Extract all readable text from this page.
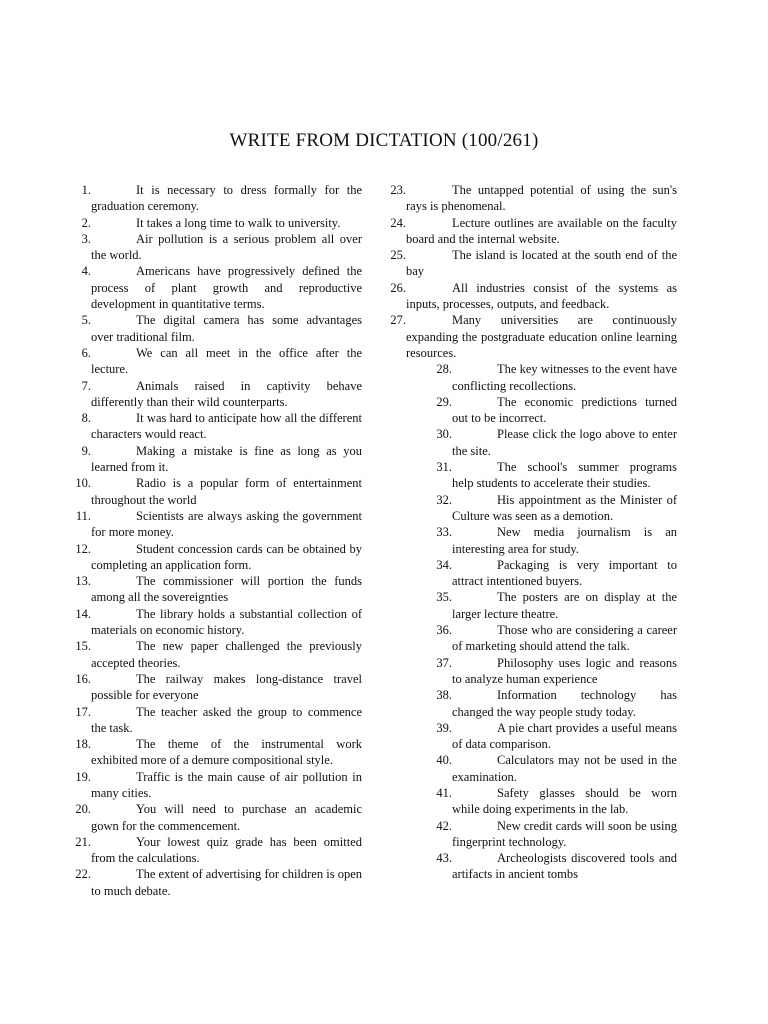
WRITE FROM DICTATION (100/261)
1.	It is necessary to dress formally for the graduation ceremony.
2.	It takes a long time to walk to university.
3.	Air pollution is a serious problem all over the world.
4.	Americans have progressively defined the process of plant growth and reproductive development in quantitative terms.
5.	The digital camera has some advantages over traditional film.
6.	We can all meet in the office after the lecture.
7.	Animals raised in captivity behave differently than their wild counterparts.
8.	It was hard to anticipate how all the different characters would react.
9.	Making a mistake is fine as long as you learned from it.
10.	Radio is a popular form of entertainment throughout the world
11.	Scientists are always asking the government for more money.
12.	Student concession cards can be obtained by completing an application form.
13.	The commissioner will portion the funds among all the sovereignties
14.	The library holds a substantial collection of materials on economic history.
15.	The new paper challenged the previously accepted theories.
16.	The railway makes long-distance travel possible for everyone
17.	The teacher asked the group to commence the task.
18.	The theme of the instrumental work exhibited more of a demure compositional style.
19.	Traffic is the main cause of air pollution in many cities.
20.	You will need to purchase an academic gown for the commencement.
21.	Your lowest quiz grade has been omitted from the calculations.
22.	The extent of advertising for children is open to much debate.
23.	The untapped potential of using the sun's rays is phenomenal.
24.	Lecture outlines are available on the faculty board and the internal website.
25.	The island is located at the south end of the bay
26.	All industries consist of the systems as inputs, processes, outputs, and feedback.
27.	Many universities are continuously expanding the postgraduate education online learning resources.
28.	The key witnesses to the event have conflicting recollections.
29.	The economic predictions turned out to be incorrect.
30.	Please click the logo above to enter the site.
31.	The school's summer programs help students to accelerate their studies.
32.	His appointment as the Minister of Culture was seen as a demotion.
33.	New media journalism is an interesting area for study.
34.	Packaging is very important to attract intentioned buyers.
35.	The posters are on display at the larger lecture theatre.
36.	Those who are considering a career of marketing should attend the talk.
37.	Philosophy uses logic and reasons to analyze human experience
38.	Information technology has changed the way people study today.
39.	A pie chart provides a useful means of data comparison.
40.	Calculators may not be used in the examination.
41.	Safety glasses should be worn while doing experiments in the lab.
42.	New credit cards will soon be using fingerprint technology.
43.	Archeologists discovered tools and artifacts in ancient tombs
